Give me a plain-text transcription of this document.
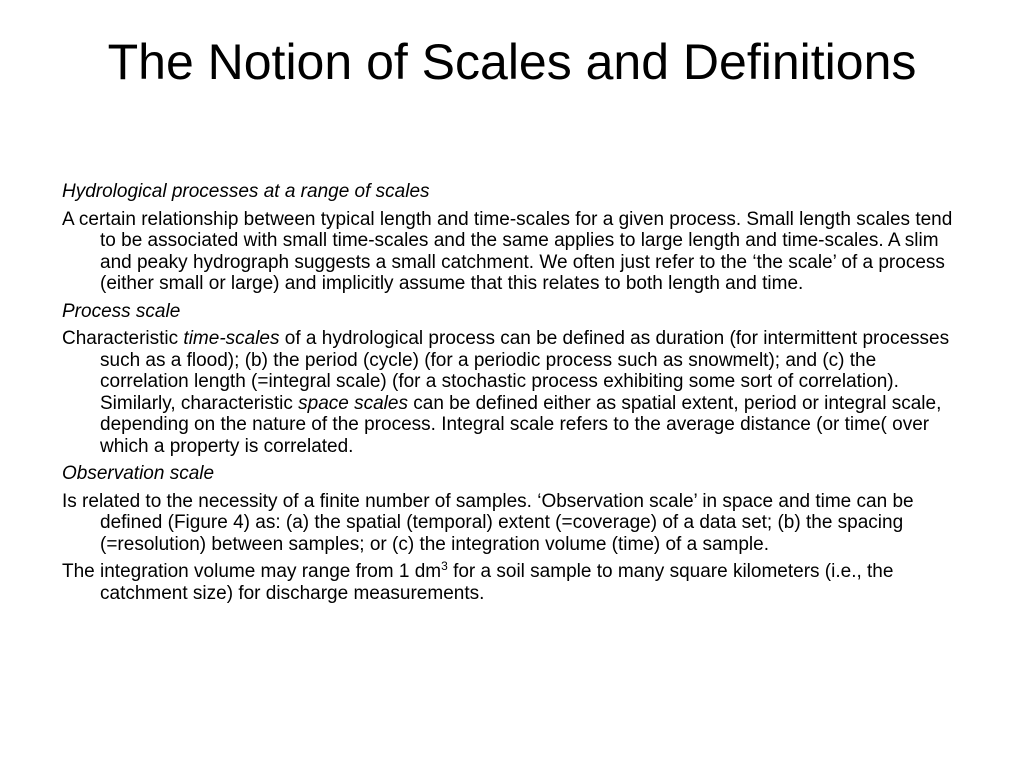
The Notion of Scales and Definitions

Hydrological processes at a range of scales

A certain relationship between typical length and time-scales for a given process. Small length scales tend to be associated with small time-scales and the same applies to large length and time-scales. A slim and peaky hydrograph suggests a small catchment. We often just refer to the ‘the scale’ of a process (either small or large) and implicitly assume that this relates to both length and time.

Process scale

Characteristic time-scales of a hydrological process can be defined as duration (for intermittent processes such as a flood); (b) the period (cycle) (for a periodic process such as snowmelt); and (c) the correlation length (=integral scale) (for a stochastic process exhibiting some sort of correlation). Similarly, characteristic space scales can be defined either as spatial extent, period or integral scale, depending on the nature of the process. Integral scale refers to the average distance (or time( over which a property is correlated.

Observation scale

Is related to the necessity of a finite number of samples. ‘Observation scale’ in space and time can be defined (Figure 4) as: (a) the spatial (temporal) extent (=coverage) of a data set; (b) the spacing (=resolution) between samples; or (c) the integration volume (time) of a sample.

The integration volume may range from 1 $dm^3$ for a soil sample to many square kilometers (i.e., the catchment size) for discharge measurements.
